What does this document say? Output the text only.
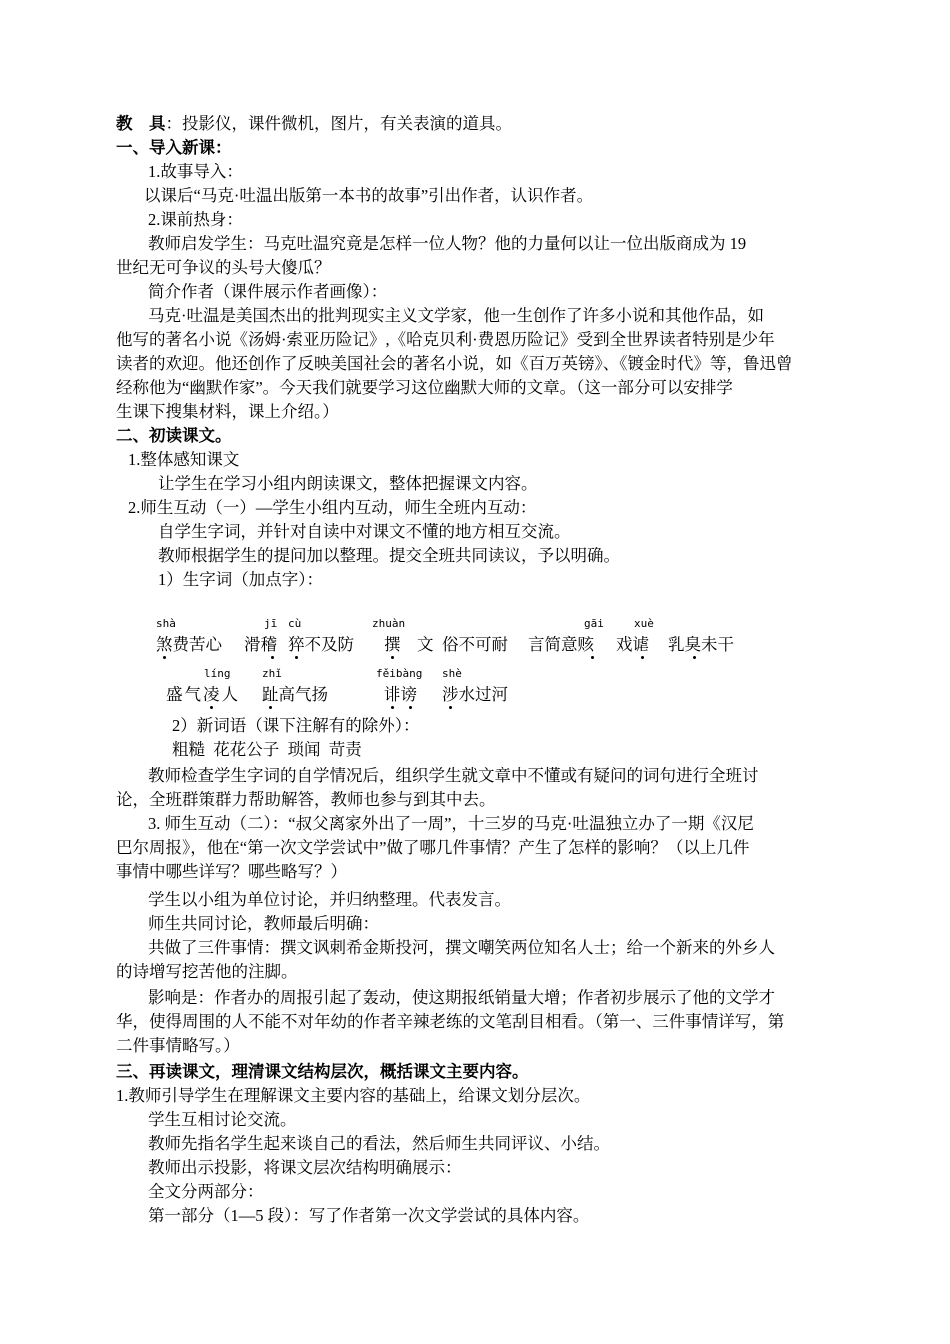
教　具：投影仪，课件微机，图片，有关表演的道具。
一、导入新课：
1.故事导入：
以课后“马克·吐温出版第一本书的故事”引出作者，认识作者。
2.课前热身：
教师启发学生：马克吐温究竟是怎样一位人物？他的力量何以让一位出版商成为 19
世纪无可争议的头号大傻瓜？
简介作者（课件展示作者画像）：
马克·吐温是美国杰出的批判现实主义文学家，他一生创作了许多小说和其他作品，如
他写的著名小说《汤姆·索亚历险记》,《哈克贝利·费恩历险记》受到全世界读者特别是少年
读者的欢迎。他还创作了反映美国社会的著名小说，如《百万英镑》、《镀金时代》等，鲁迅曾
经称他为“幽默作家”。今天我们就要学习这位幽默大师的文章。（这一部分可以安排学
生课下搜集材料，课上介绍。）
二、初读课文。
1.整体感知课文
让学生在学习小组内朗读课文，整体把握课文内容。
2.师生互动（一）—学生小组内互动，师生全班内互动：
自学生字词，并针对自读中对课文不懂的地方相互交流。
教师根据学生的提问加以整理。提交全班共同读议，予以明确。
1）生字词（加点字）：
shà
煞费苦心
jī
滑稽
cù
猝不及防
zhuàn
撰　文 俗不可耐
gāi
言简意赅
xuè
戏谑 乳臭未干
líng
盛气凌人
zhǐ
趾高气扬
fěibàng
诽谤
shè
涉水过河
2）新词语（课下注解有的除外）：
粗糙  花花公子  琐闻  苛责
教师检查学生字词的自学情况后，组织学生就文章中不懂或有疑问的词句进行全班讨
论，全班群策群力帮助解答，教师也参与到其中去。
3. 师生互动（二）：“叔父离家外出了一周”，十三岁的马克·吐温独立办了一期《汉尼
巴尔周报》，他在“第一次文学尝试中”做了哪几件事情？产生了怎样的影响？（以上几件
事情中哪些详写？哪些略写？）
学生以小组为单位讨论，并归纳整理。代表发言。
师生共同讨论，教师最后明确：
共做了三件事情：撰文讽刺希金斯投河，撰文嘲笑两位知名人士；给一个新来的外乡人
的诗增写挖苦他的注脚。
影响是：作者办的周报引起了轰动，使这期报纸销量大增；作者初步展示了他的文学才
华，使得周围的人不能不对年幼的作者辛辣老练的文笔刮目相看。（第一、三件事情详写，第
二件事情略写。）
三、再读课文，理清课文结构层次，概括课文主要内容。
1.教师引导学生在理解课文主要内容的基础上，给课文划分层次。
学生互相讨论交流。
教师先指名学生起来谈自己的看法，然后师生共同评议、小结。
教师出示投影，将课文层次结构明确展示：
全文分两部分：
第一部分（1—5 段）：写了作者第一次文学尝试的具体内容。
